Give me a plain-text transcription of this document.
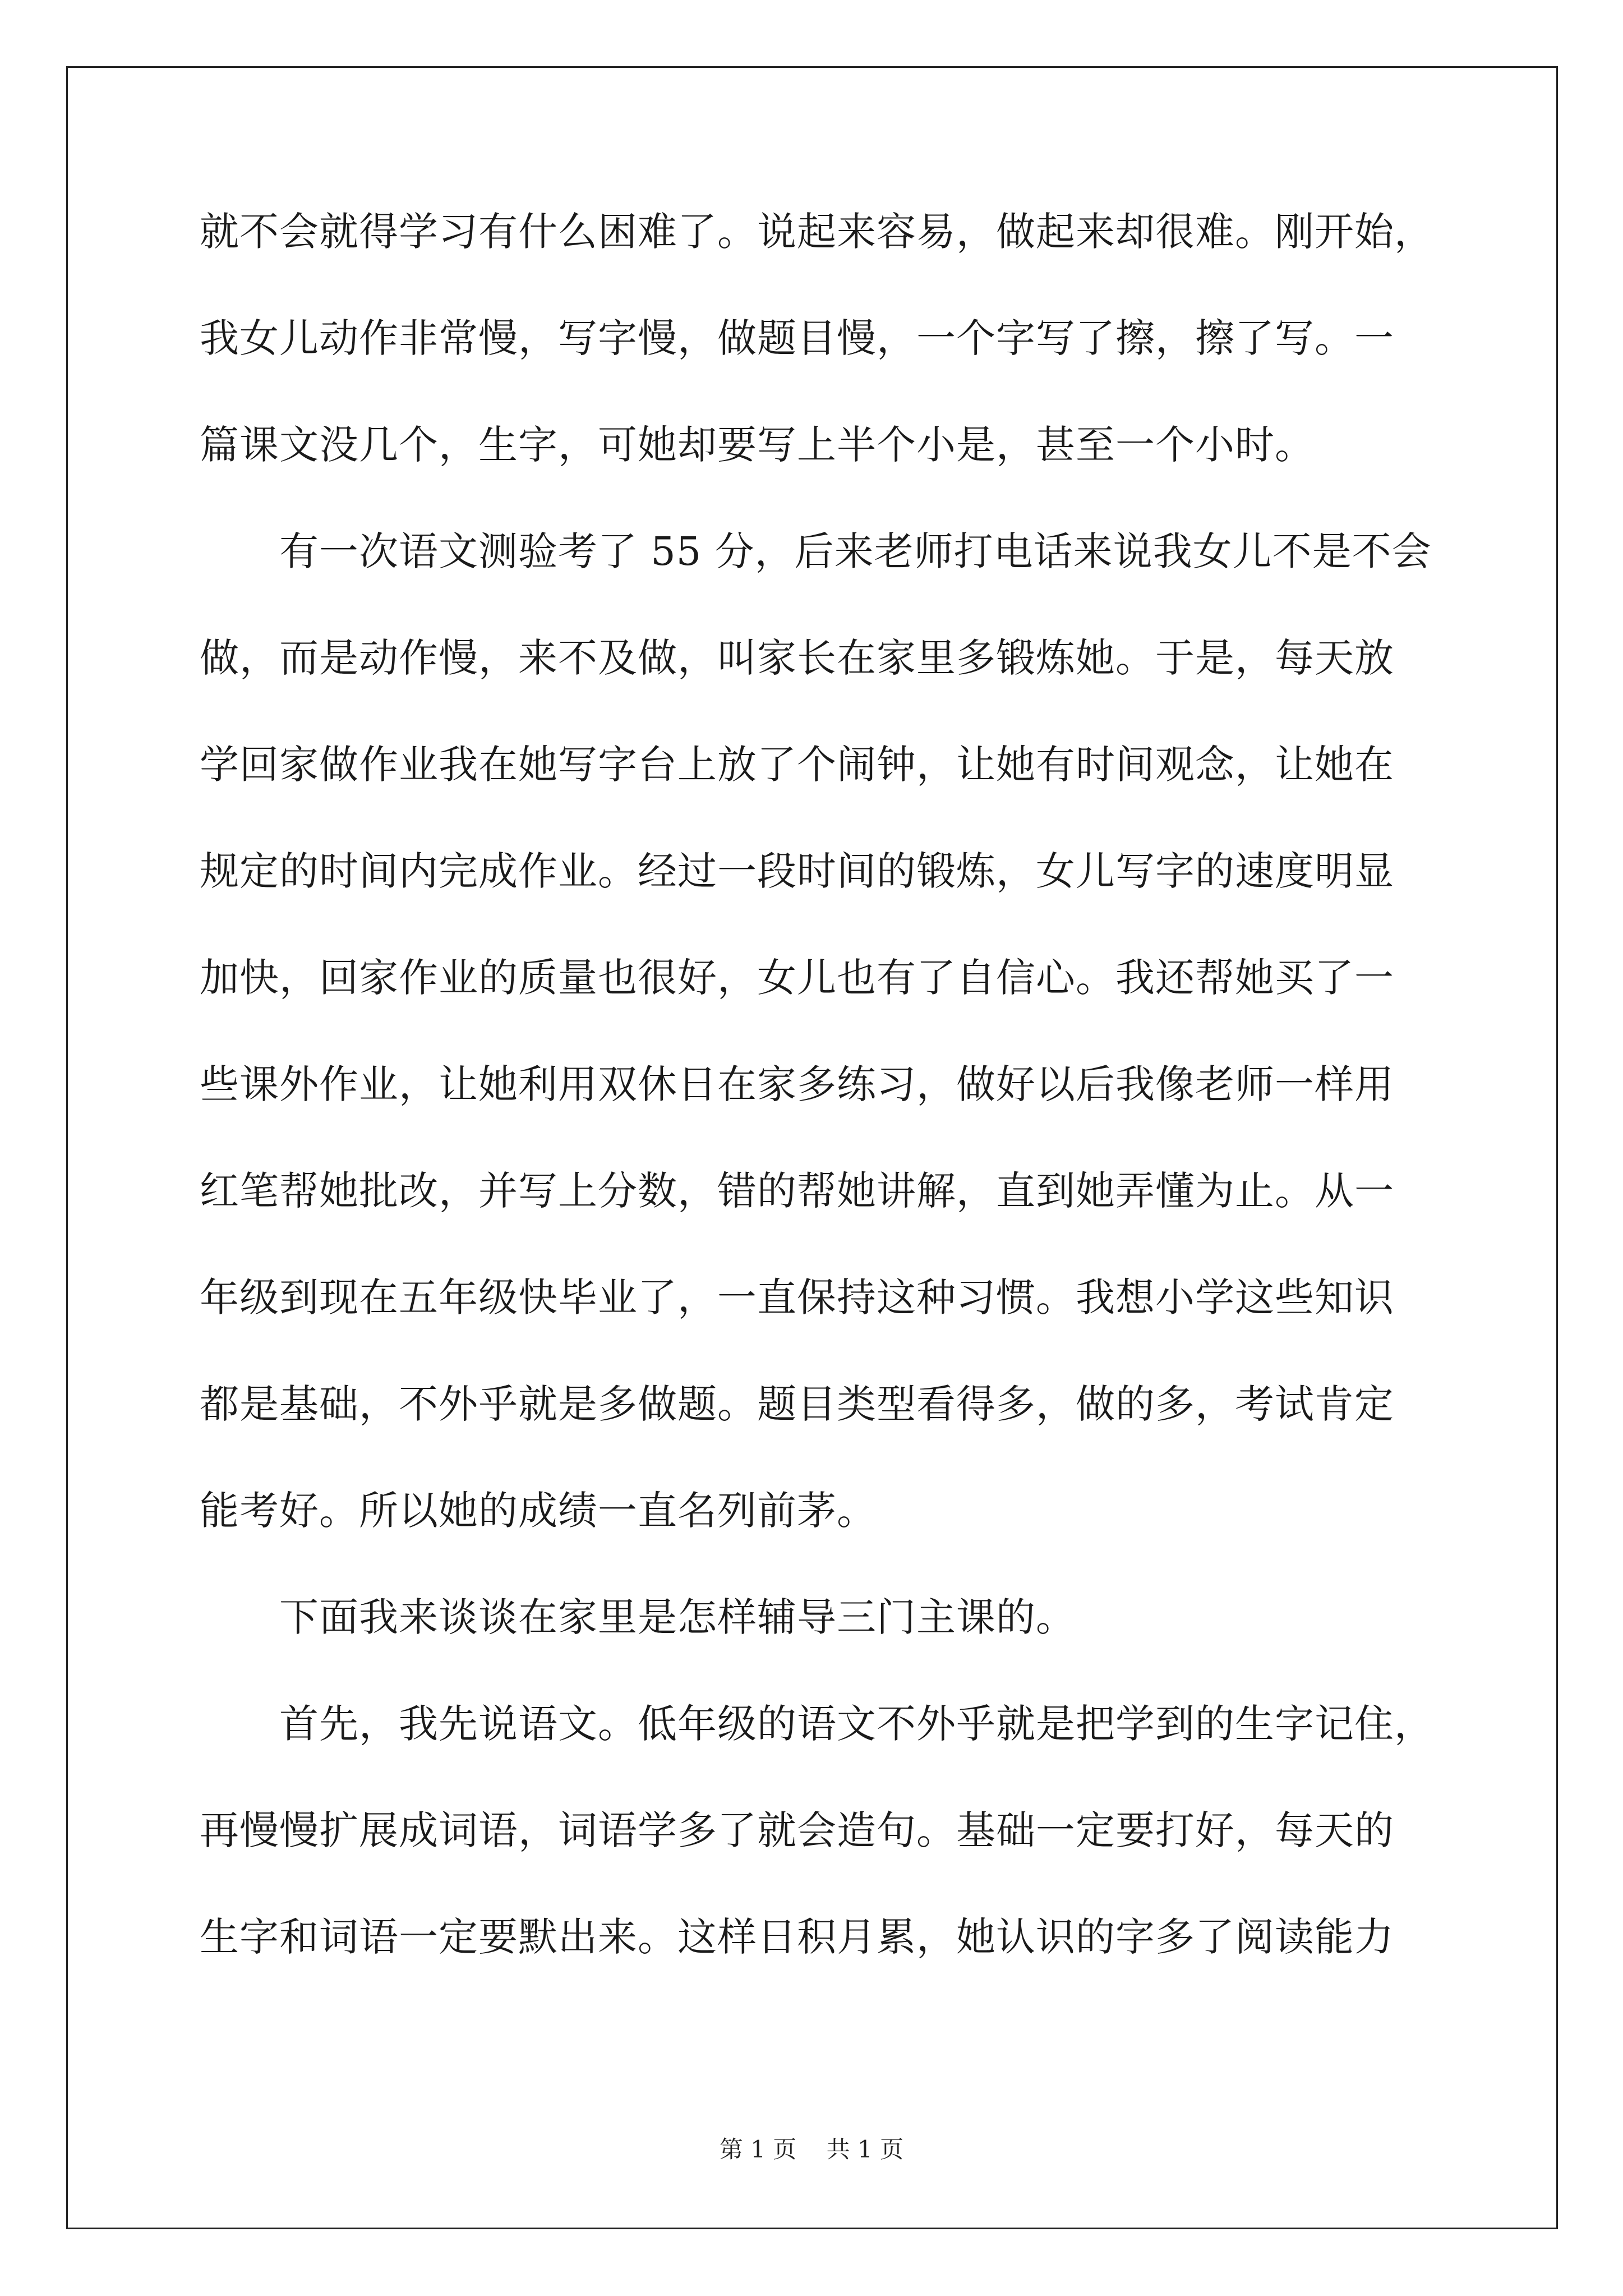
就不会就得学习有什么困难了。说起来容易，做起来却很难。刚开始，
我女儿动作非常慢，写字慢，做题目慢，一个字写了擦，擦了写。一
篇课文没几个，生字，可她却要写上半个小是，甚至一个小时。
　　有一次语文测验考了 55 分，后来老师打电话来说我女儿不是不会
做，而是动作慢，来不及做，叫家长在家里多锻炼她。于是，每天放
学回家做作业我在她写字台上放了个闹钟，让她有时间观念，让她在
规定的时间内完成作业。经过一段时间的锻炼，女儿写字的速度明显
加快，回家作业的质量也很好，女儿也有了自信心。我还帮她买了一
些课外作业，让她利用双休日在家多练习，做好以后我像老师一样用
红笔帮她批改，并写上分数，错的帮她讲解，直到她弄懂为止。从一
年级到现在五年级快毕业了，一直保持这种习惯。我想小学这些知识
都是基础，不外乎就是多做题。题目类型看得多，做的多，考试肯定
能考好。所以她的成绩一直名列前茅。
　　下面我来谈谈在家里是怎样辅导三门主课的。
　　首先，我先说语文。低年级的语文不外乎就是把学到的生字记住，
再慢慢扩展成词语，词语学多了就会造句。基础一定要打好，每天的
生字和词语一定要默出来。这样日积月累，她认识的字多了阅读能力
第 1 页    共 1 页
